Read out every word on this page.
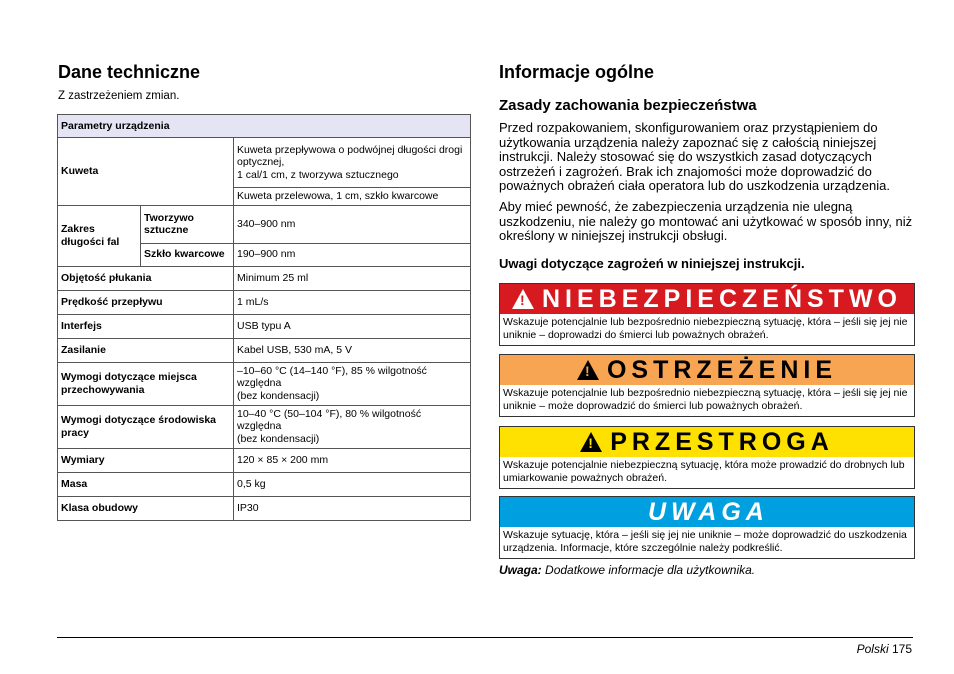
Dane techniczne

Z zastrzeżeniem zmian.

Parametry urządzenia		
Kuweta		Kuweta przepływowa o podwójnej długości drogi optycznej,
1 cal/1 cm, z tworzywa sztucznego
		Kuweta przelewowa, 1 cm, szkło kwarcowe
Zakres długości fal	Tworzywo sztuczne	340–900 nm
	Szkło kwarcowe	190–900 nm
Objętość płukania		Minimum 25 ml
Prędkość przepływu		1 mL/s
Interfejs		USB typu A
Zasilanie		Kabel USB, 530 mA, 5 V
Wymogi dotyczące miejsca przechowywania		–10–60 °C (14–140 °F), 85 % wilgotność względna
(bez kondensacji)
Wymogi dotyczące środowiska pracy		10–40 °C (50–104 °F), 80 % wilgotność względna
(bez kondensacji)
Wymiary		120 × 85 × 200 mm
Masa		0,5 kg
Klasa obudowy		IP30
Informacje ogólne
Zasady zachowania bezpieczeństwa

Przed rozpakowaniem, skonfigurowaniem oraz przystąpieniem do użytkowania urządzenia należy zapoznać się z całością niniejszej instrukcji. Należy stosować się do wszystkich zasad dotyczących ostrzeżeń i zagrożeń. Brak ich znajomości może doprowadzić do poważnych obrażeń ciała operatora lub do uszkodzenia urządzenia.

Aby mieć pewność, że zabezpieczenia urządzenia nie ulegną uszkodzeniu, nie należy go montować ani użytkować w sposób inny, niż określony w niniejszej instrukcji obsługi.

Uwagi dotyczące zagrożeń w niniejszej instrukcji.
! NIEBEZPIECZEŃSTWO
Wskazuje potencjalnie lub bezpośrednio niebezpieczną sytuację, która – jeśli się jej nie uniknie – doprowadzi do śmierci lub poważnych obrażeń.
! OSTRZEŻENIE
Wskazuje potencjalnie lub bezpośrednio niebezpieczną sytuację, która – jeśli się jej nie uniknie – może doprowadzić do śmierci lub poważnych obrażeń.
! PRZESTROGA
Wskazuje potencjalnie niebezpieczną sytuację, która może prowadzić do drobnych lub umiarkowanie poważnych obrażeń.
UWAGA
Wskazuje sytuację, która – jeśli się jej nie uniknie – może doprowadzić do uszkodzenia urządzenia. Informacje, które szczególnie należy podkreślić.

Uwaga: Dodatkowe informacje dla użytkownika.

Polski 175
